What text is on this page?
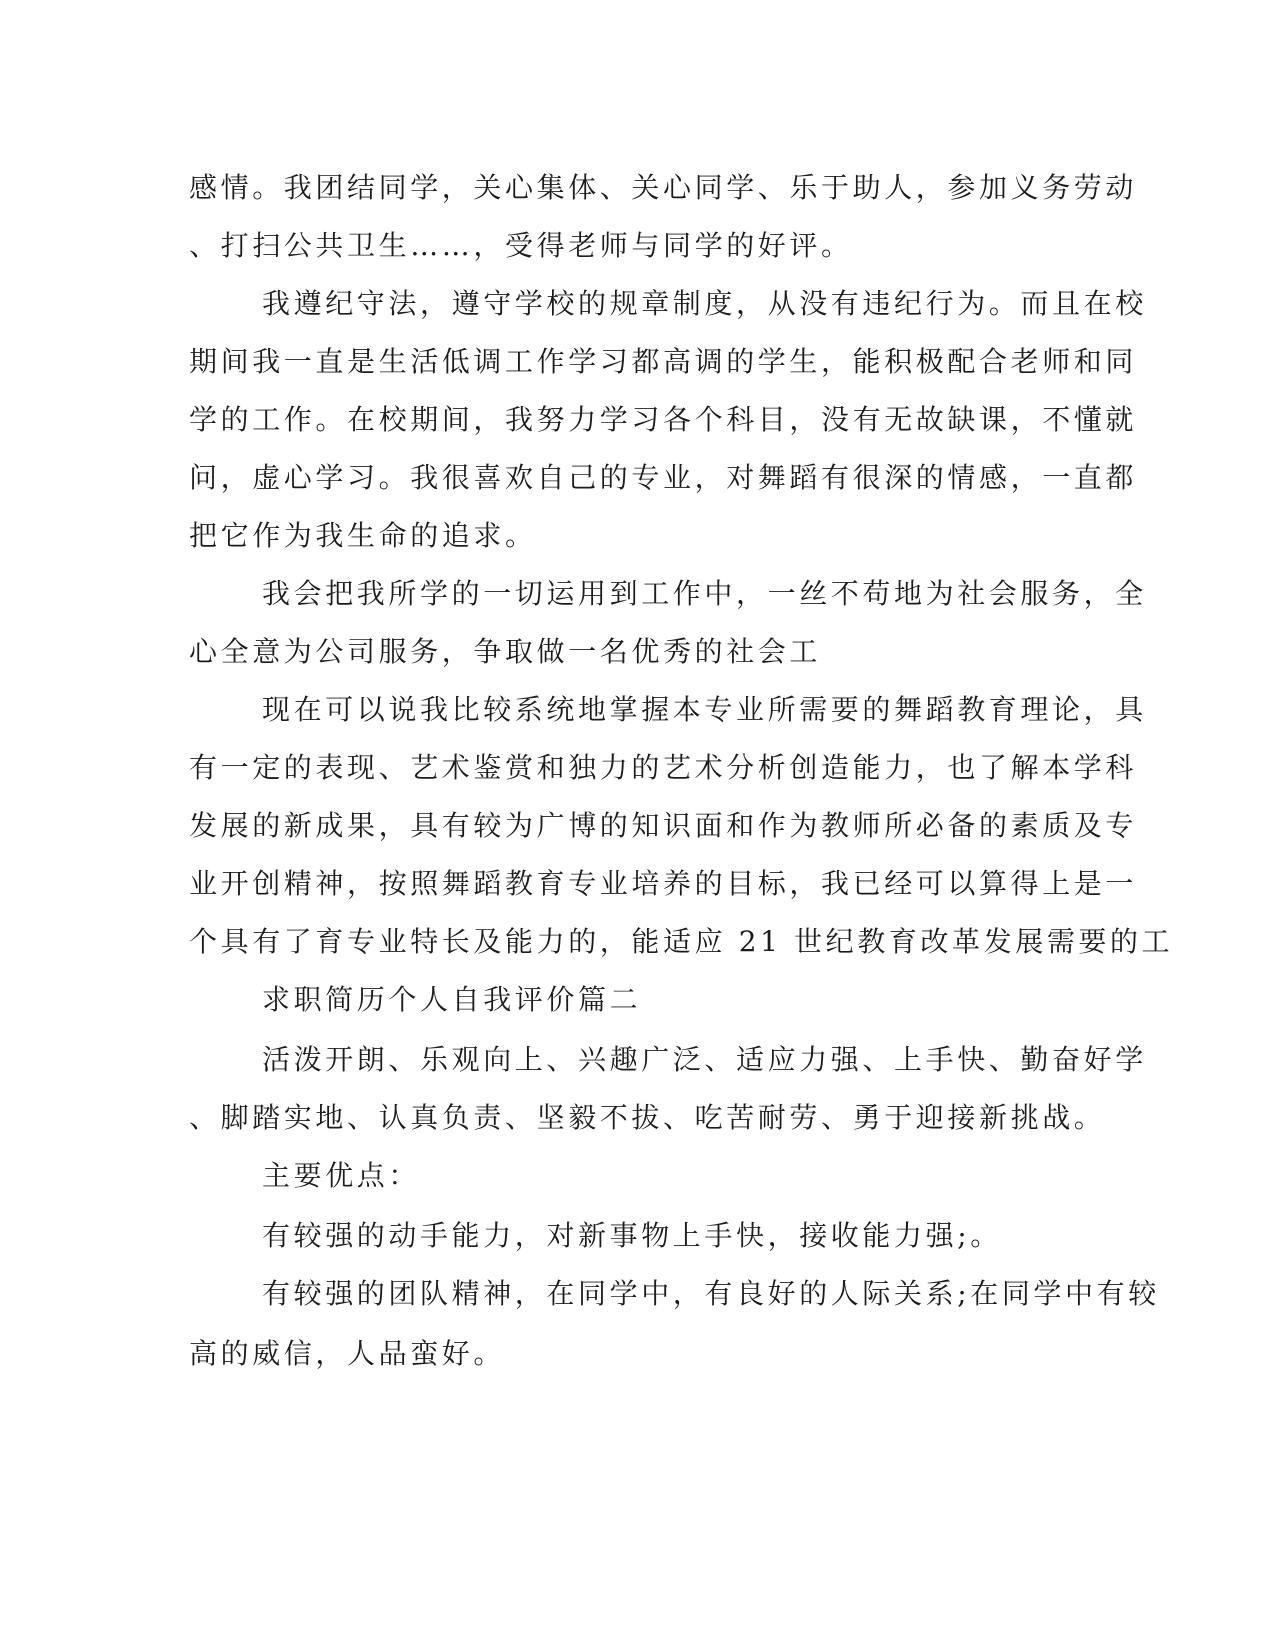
感情。我团结同学，关心集体、关心同学、乐于助人，参加义务劳动

、打扫公共卫生……，受得老师与同学的好评。

我遵纪守法，遵守学校的规章制度，从没有违纪行为。而且在校

期间我一直是生活低调工作学习都高调的学生，能积极配合老师和同

学的工作。在校期间，我努力学习各个科目，没有无故缺课，不懂就

问，虚心学习。我很喜欢自己的专业，对舞蹈有很深的情感，一直都

把它作为我生命的追求。

我会把我所学的一切运用到工作中，一丝不苟地为社会服务，全

心全意为公司服务，争取做一名优秀的社会工

现在可以说我比较系统地掌握本专业所需要的舞蹈教育理论，具

有一定的表现、艺术鉴赏和独力的艺术分析创造能力，也了解本学科

发展的新成果，具有较为广博的知识面和作为教师所必备的素质及专

业开创精神，按照舞蹈教育专业培养的目标，我已经可以算得上是一

个具有了育专业特长及能力的，能适应 21 世纪教育改革发展需要的工

求职简历个人自我评价篇二

活泼开朗、乐观向上、兴趣广泛、适应力强、上手快、勤奋好学

、脚踏实地、认真负责、坚毅不拔、吃苦耐劳、勇于迎接新挑战。

主要优点：

有较强的动手能力，对新事物上手快，接收能力强;。

有较强的团队精神，在同学中，有良好的人际关系;在同学中有较

高的威信，人品蛮好。
